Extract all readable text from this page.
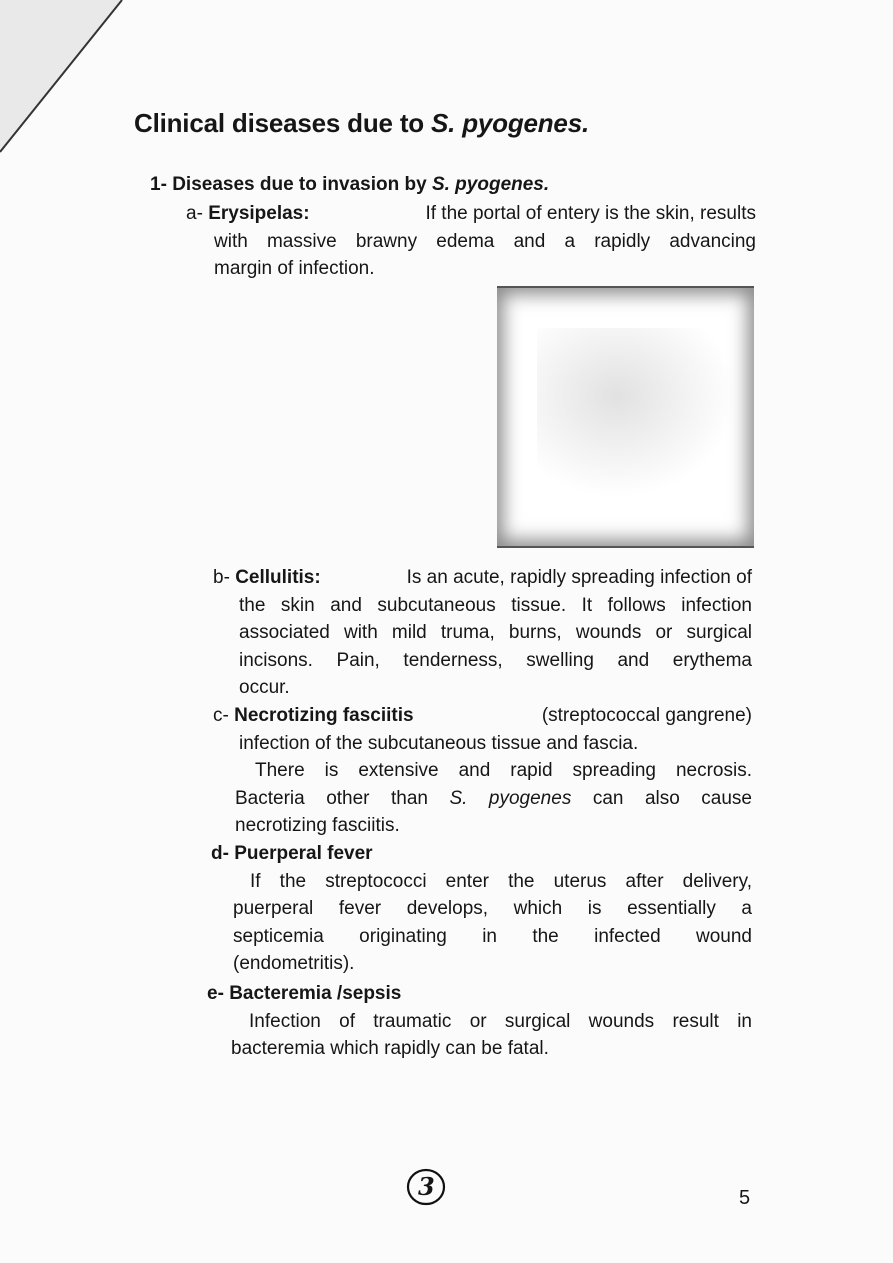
Clinical diseases due to S. pyogenes.
1- Diseases due to invasion by S. pyogenes.
a-
Erysipelas:	If the portal of entery is the skin, results
with massive brawny edema and a rapidly advancing
margin of infection.
b-
Cellulitis:	Is an acute, rapidly spreading infection of
the skin and subcutaneous tissue. It follows infection
associated with mild truma, burns, wounds or surgical
incisons. Pain, tenderness, swelling and erythema
occur.
c-
Necrotizing fasciitis	(streptococcal gangrene)
infection of the subcutaneous tissue and fascia.
There is extensive and rapid spreading necrosis.
Bacteria other than S. pyogenes can also cause
necrotizing fasciitis.
d- Puerperal fever
If the streptococci enter the uterus after delivery,
puerperal fever develops, which is essentially a
septicemia originating in the infected wound
(endometritis).
e- Bacteremia /sepsis
Infection of traumatic or surgical wounds result in
bacteremia which rapidly can be fatal.
3	5
